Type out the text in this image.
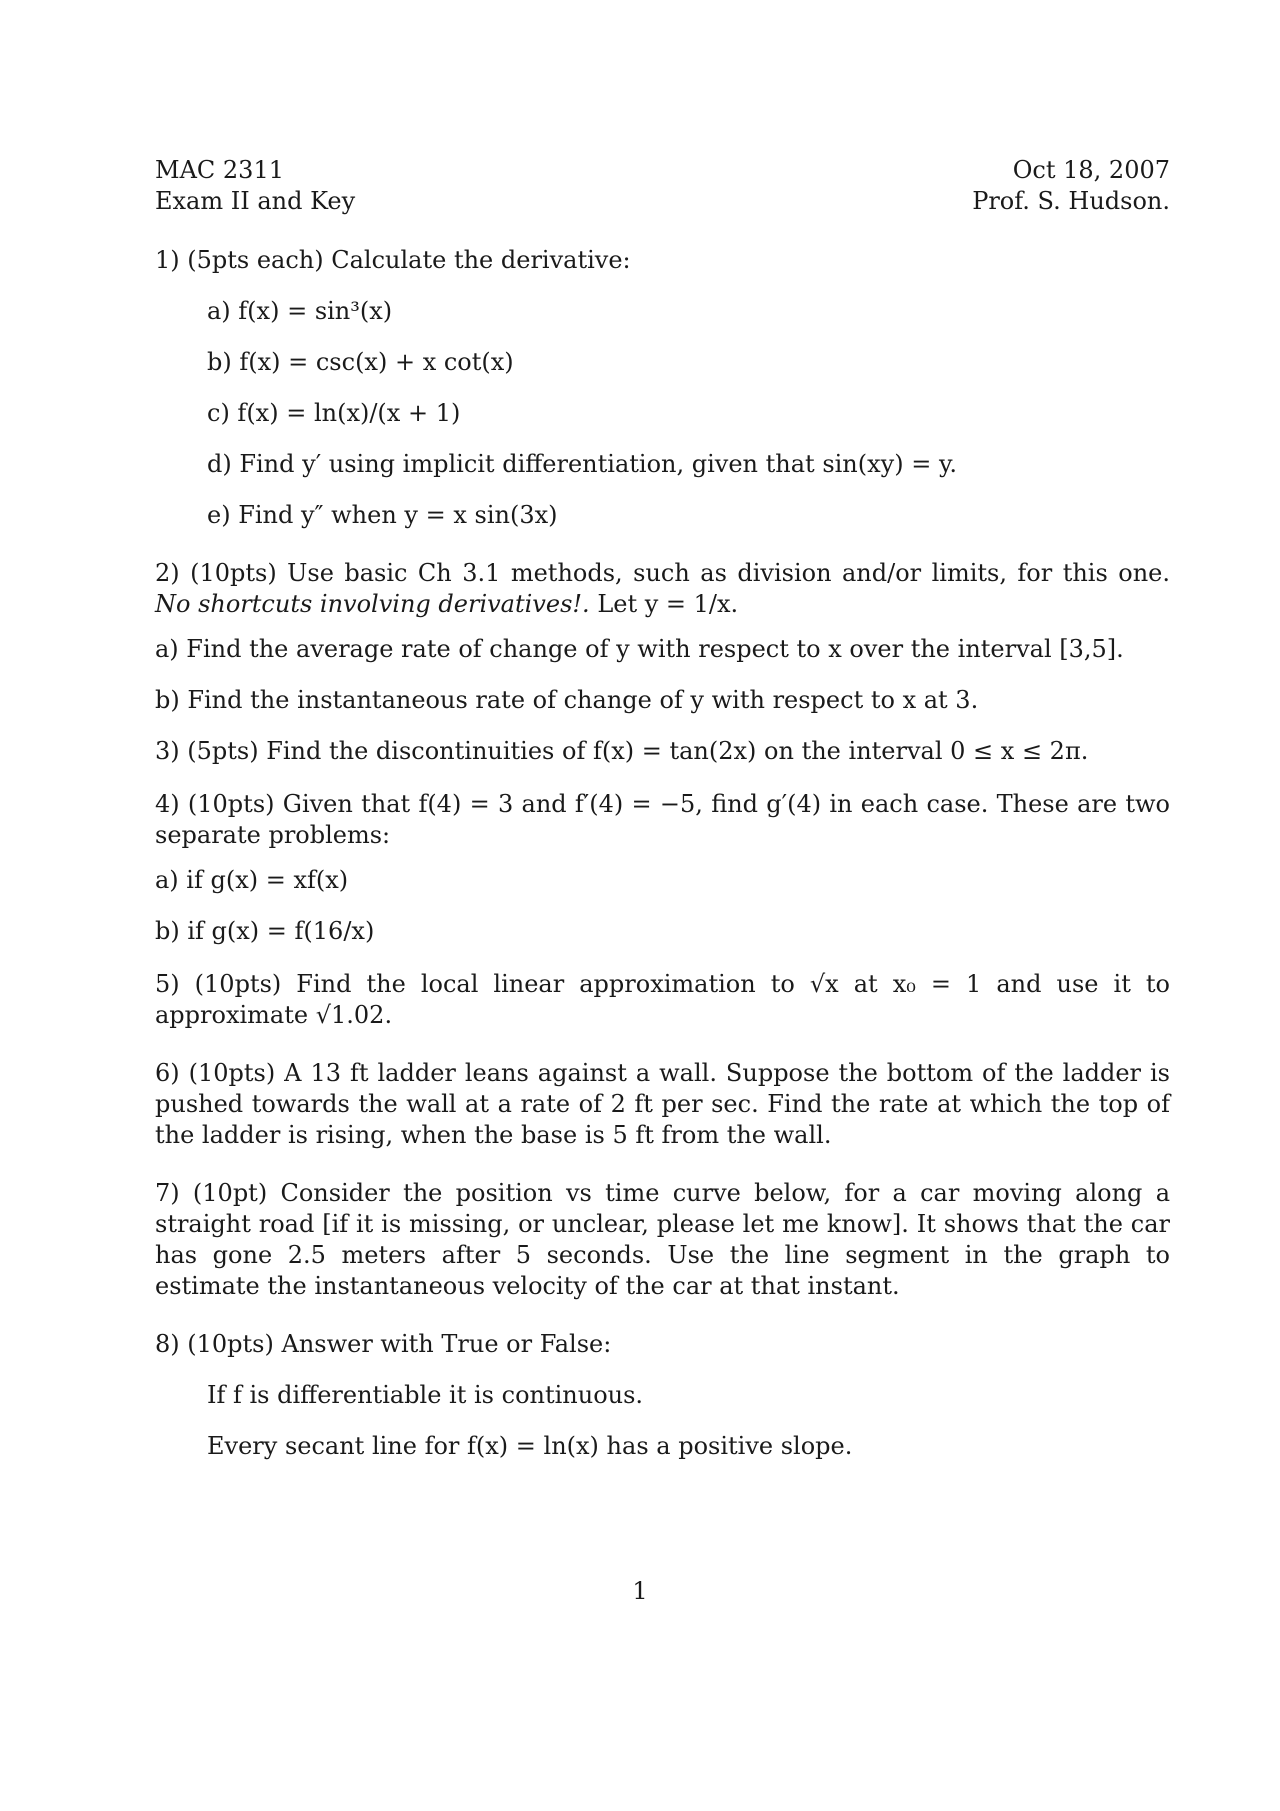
MAC 2311
Exam II and Key
Oct 18, 2007
Prof. S. Hudson.
1) (5pts each) Calculate the derivative:
a) f(x) = sin³(x)
b) f(x) = csc(x) + x cot(x)
c) f(x) = ln(x)/(x + 1)
d) Find y′ using implicit differentiation, given that sin(xy) = y.
e) Find y″ when y = x sin(3x)
2) (10pts) Use basic Ch 3.1 methods, such as division and/or limits, for this one. No shortcuts involving derivatives!. Let y = 1/x.
a) Find the average rate of change of y with respect to x over the interval [3,5].
b) Find the instantaneous rate of change of y with respect to x at 3.
3) (5pts) Find the discontinuities of f(x) = tan(2x) on the interval 0 ≤ x ≤ 2π.
4) (10pts) Given that f(4) = 3 and f′(4) = −5, find g′(4) in each case. These are two separate problems:
a) if g(x) = xf(x)
b) if g(x) = f(16/x)
5) (10pts) Find the local linear approximation to √x at x₀ = 1 and use it to approximate √1.02.
6) (10pts) A 13 ft ladder leans against a wall. Suppose the bottom of the ladder is pushed towards the wall at a rate of 2 ft per sec. Find the rate at which the top of the ladder is rising, when the base is 5 ft from the wall.
7) (10pt) Consider the position vs time curve below, for a car moving along a straight road [if it is missing, or unclear, please let me know]. It shows that the car has gone 2.5 meters after 5 seconds. Use the line segment in the graph to estimate the instantaneous velocity of the car at that instant.
8) (10pts) Answer with True or False:
If f is differentiable it is continuous.
Every secant line for f(x) = ln(x) has a positive slope.
1
